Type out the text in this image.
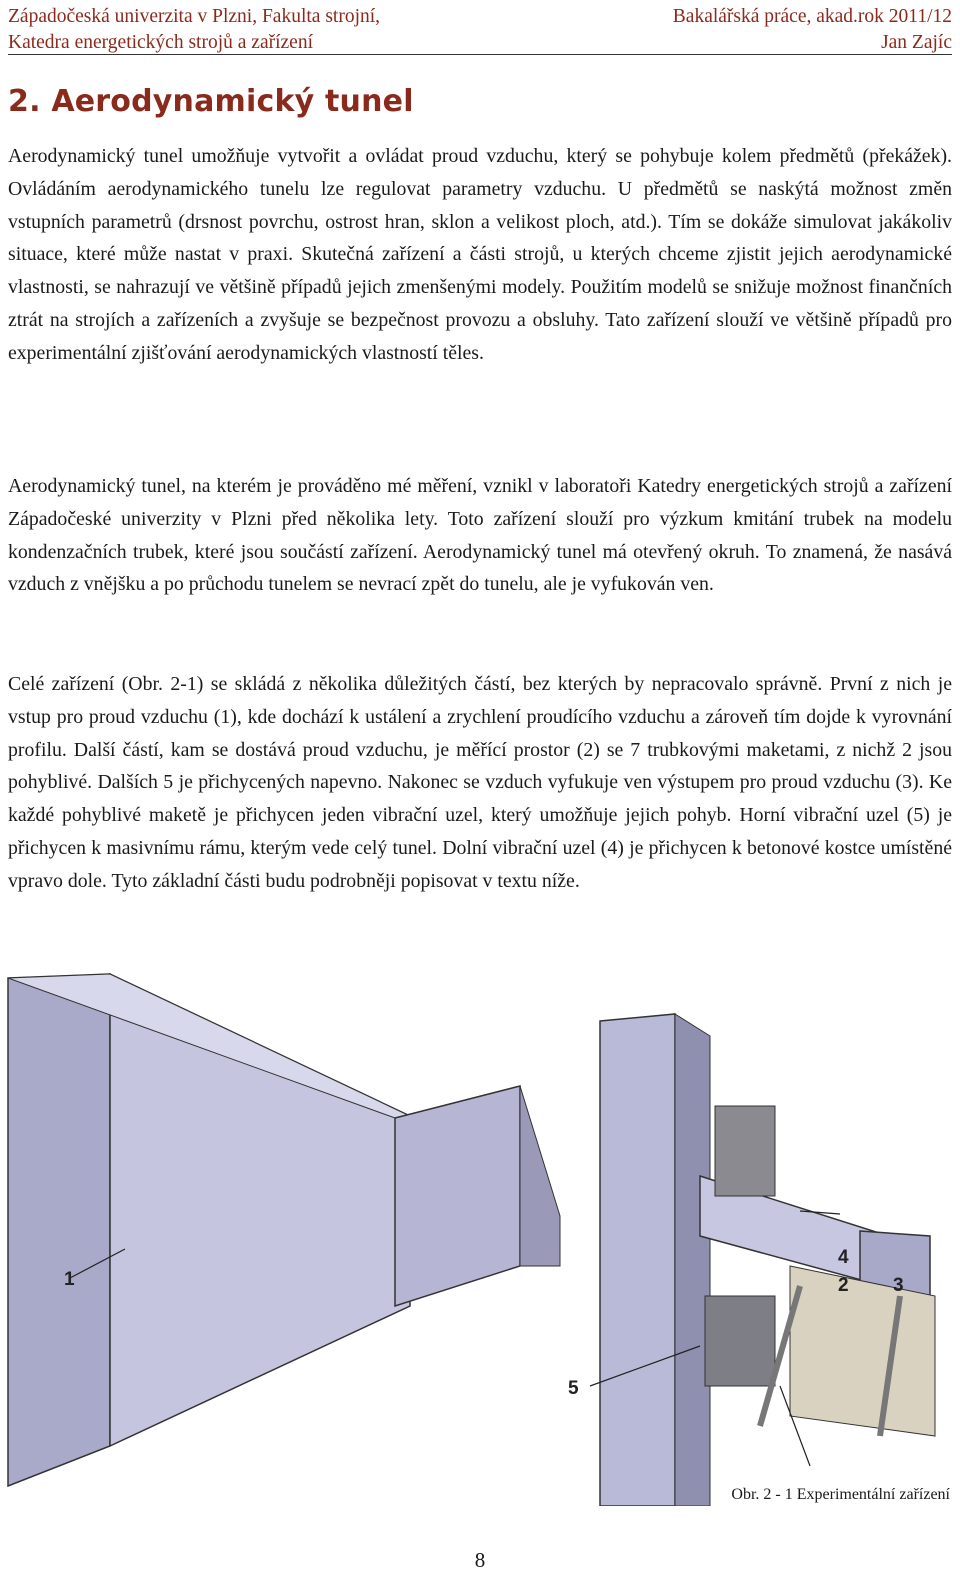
Západočeská univerzita v Plzni, Fakulta strojní,	Bakalářská práce, akad.rok 2011/12
Katedra energetických strojů a zařízení	Jan Zajíc
2. Aerodynamický tunel

Aerodynamický tunel umožňuje vytvořit a ovládat proud vzduchu, který se pohybuje kolem předmětů (překážek). Ovládáním aerodynamického tunelu lze regulovat parametry vzduchu. U předmětů se naskýtá možnost změn vstupních parametrů (drsnost povrchu, ostrost hran, sklon a velikost ploch, atd.). Tím se dokáže simulovat jakákoliv situace, které může nastat v praxi. Skutečná zařízení a části strojů, u kterých chceme zjistit jejich aerodynamické vlastnosti, se nahrazují ve většině případů jejich zmenšenými modely. Použitím modelů se snižuje možnost finančních ztrát na strojích a zařízeních a zvyšuje se bezpečnost provozu a obsluhy. Tato zařízení slouží ve většině případů pro experimentální zjišťování aerodynamických vlastností těles.

Aerodynamický tunel, na kterém je prováděno mé měření, vznikl v laboratoři Katedry energetických strojů a zařízení Západočeské univerzity v Plzni před několika lety. Toto zařízení slouží pro výzkum kmitání trubek na modelu kondenzačních trubek, které jsou součástí zařízení. Aerodynamický tunel má otevřený okruh. To znamená, že nasává vzduch z vnějšku a po průchodu tunelem se nevrací zpět do tunelu, ale je vyfukován ven.

Celé zařízení (Obr. 2-1) se skládá z několika důležitých částí, bez kterých by nepracovalo správně. První z nich je vstup pro proud vzduchu (1), kde dochází k ustálení a zrychlení proudícího vzduchu a zároveň tím dojde k vyrovnání profilu. Další částí, kam se dostává proud vzduchu, je měřící prostor (2) se 7 trubkovými maketami, z nichž 2 jsou pohyblivé. Dalších 5 je přichycených napevno. Nakonec se vzduch vyfukuje ven výstupem pro proud vzduchu (3). Ke každé pohyblivé maketě je přichycen jeden vibrační uzel, který umožňuje jejich pohyb. Horní vibrační uzel (5) je přichycen k masivnímu rámu, kterým vede celý tunel. Dolní vibrační uzel (4) je přichycen k betonové kostce umístěné vpravo dole. Tyto základní části budu podrobněji popisovat v textu níže.

1	2 3
4
5
Obr. 2 - 1 Experimentální zařízení
8
